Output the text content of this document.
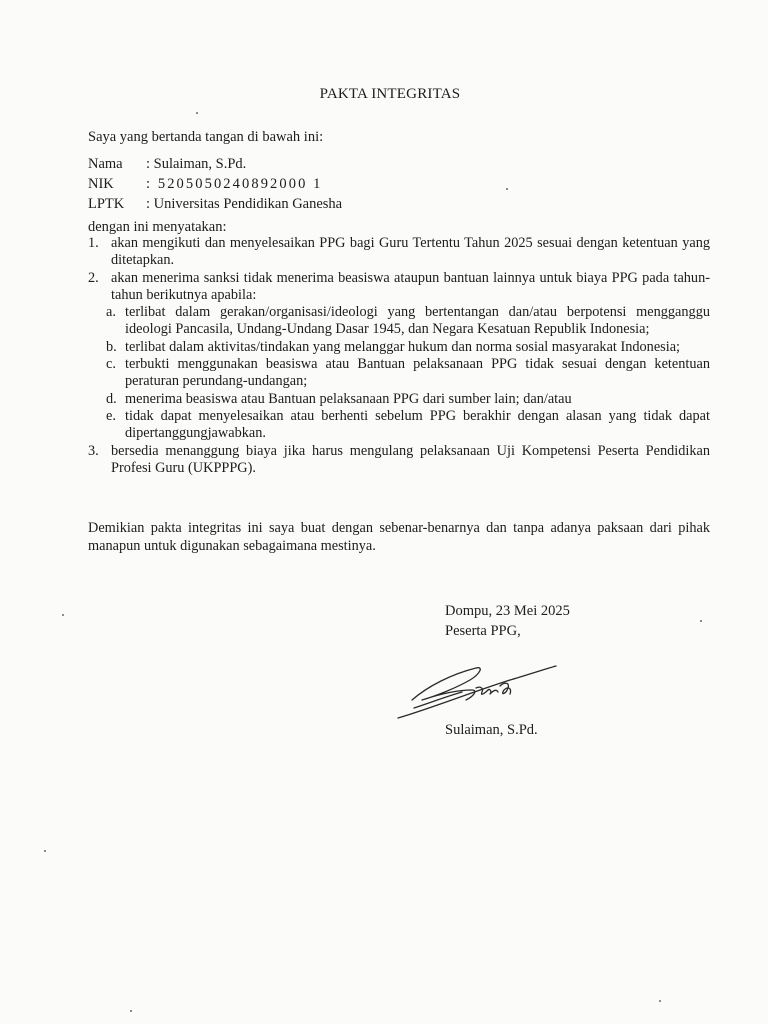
PAKTA INTEGRITAS
Saya yang bertanda tangan di bawah ini:
Nama	: Sulaiman, S.Pd.
NIK	: 5205050240892000 1
LPTK	: Universitas Pendidikan Ganesha
dengan ini menyatakan:
1. akan mengikuti dan menyelesaikan PPG bagi Guru Tertentu Tahun 2025 sesuai dengan ketentuan yang ditetapkan.
2. akan menerima sanksi tidak menerima beasiswa ataupun bantuan lainnya untuk biaya PPG pada tahun-tahun berikutnya apabila:
a. terlibat dalam gerakan/organisasi/ideologi yang bertentangan dan/atau berpotensi mengganggu ideologi Pancasila, Undang-Undang Dasar 1945, dan Negara Kesatuan Republik Indonesia;
b. terlibat dalam aktivitas/tindakan yang melanggar hukum dan norma sosial masyarakat Indonesia;
c. terbukti menggunakan beasiswa atau Bantuan pelaksanaan PPG tidak sesuai dengan ketentuan peraturan perundang-undangan;
d. menerima beasiswa atau Bantuan pelaksanaan PPG dari sumber lain; dan/atau
e. tidak dapat menyelesaikan atau berhenti sebelum PPG berakhir dengan alasan yang tidak dapat dipertanggungjawabkan.
3. bersedia menanggung biaya jika harus mengulang pelaksanaan Uji Kompetensi Peserta Pendidikan Profesi Guru (UKPPPG).
Demikian pakta integritas ini saya buat dengan sebenar-benarnya dan tanpa adanya paksaan dari pihak manapun untuk digunakan sebagaimana mestinya.
Dompu, 23 Mei 2025
Peserta PPG,
Sulaiman, S.Pd.
